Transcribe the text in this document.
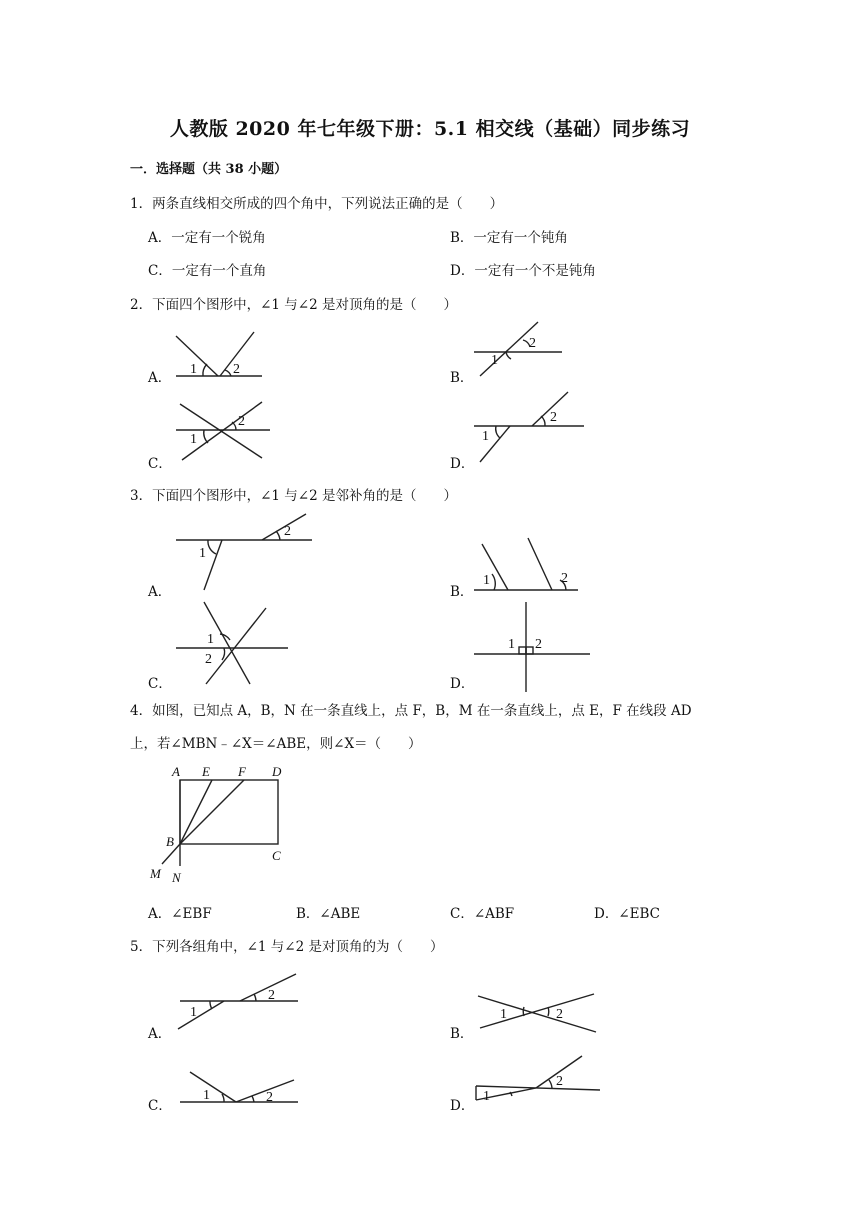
人教版 2020 年七年级下册：5.1 相交线（基础）同步练习
一．选择题（共 38 小题）
1．两条直线相交所成的四个角中，下列说法正确的是（　　）
A．一定有一个锐角	B．一定有一个钝角
C．一定有一个直角	D．一定有一个不是钝角
2．下面四个图形中，∠1 与∠2 是对顶角的是（　　）
A．
1	2
B．
1
2
C．
1
2
D．
1
2
3．下面四个图形中，∠1 与∠2 是邻补角的是（　　）
A．
1
2
B．
1	2
C．
1
2
D．
1 2
4．如图，已知点 A，B，N 在一条直线上，点 F，B，M 在一条直线上，点 E，F 在线段 AD
上，若∠MBN﹣∠X＝∠ABE，则∠X＝（　　）
A E F D
B
C
M N
A．∠EBF	B．∠ABE	C．∠ABF	D．∠EBC
5．下列各组角中，∠1 与∠2 是对顶角的为（　　）
A．
1
2
B．
1	2
C．
1	2
D．
1
2
